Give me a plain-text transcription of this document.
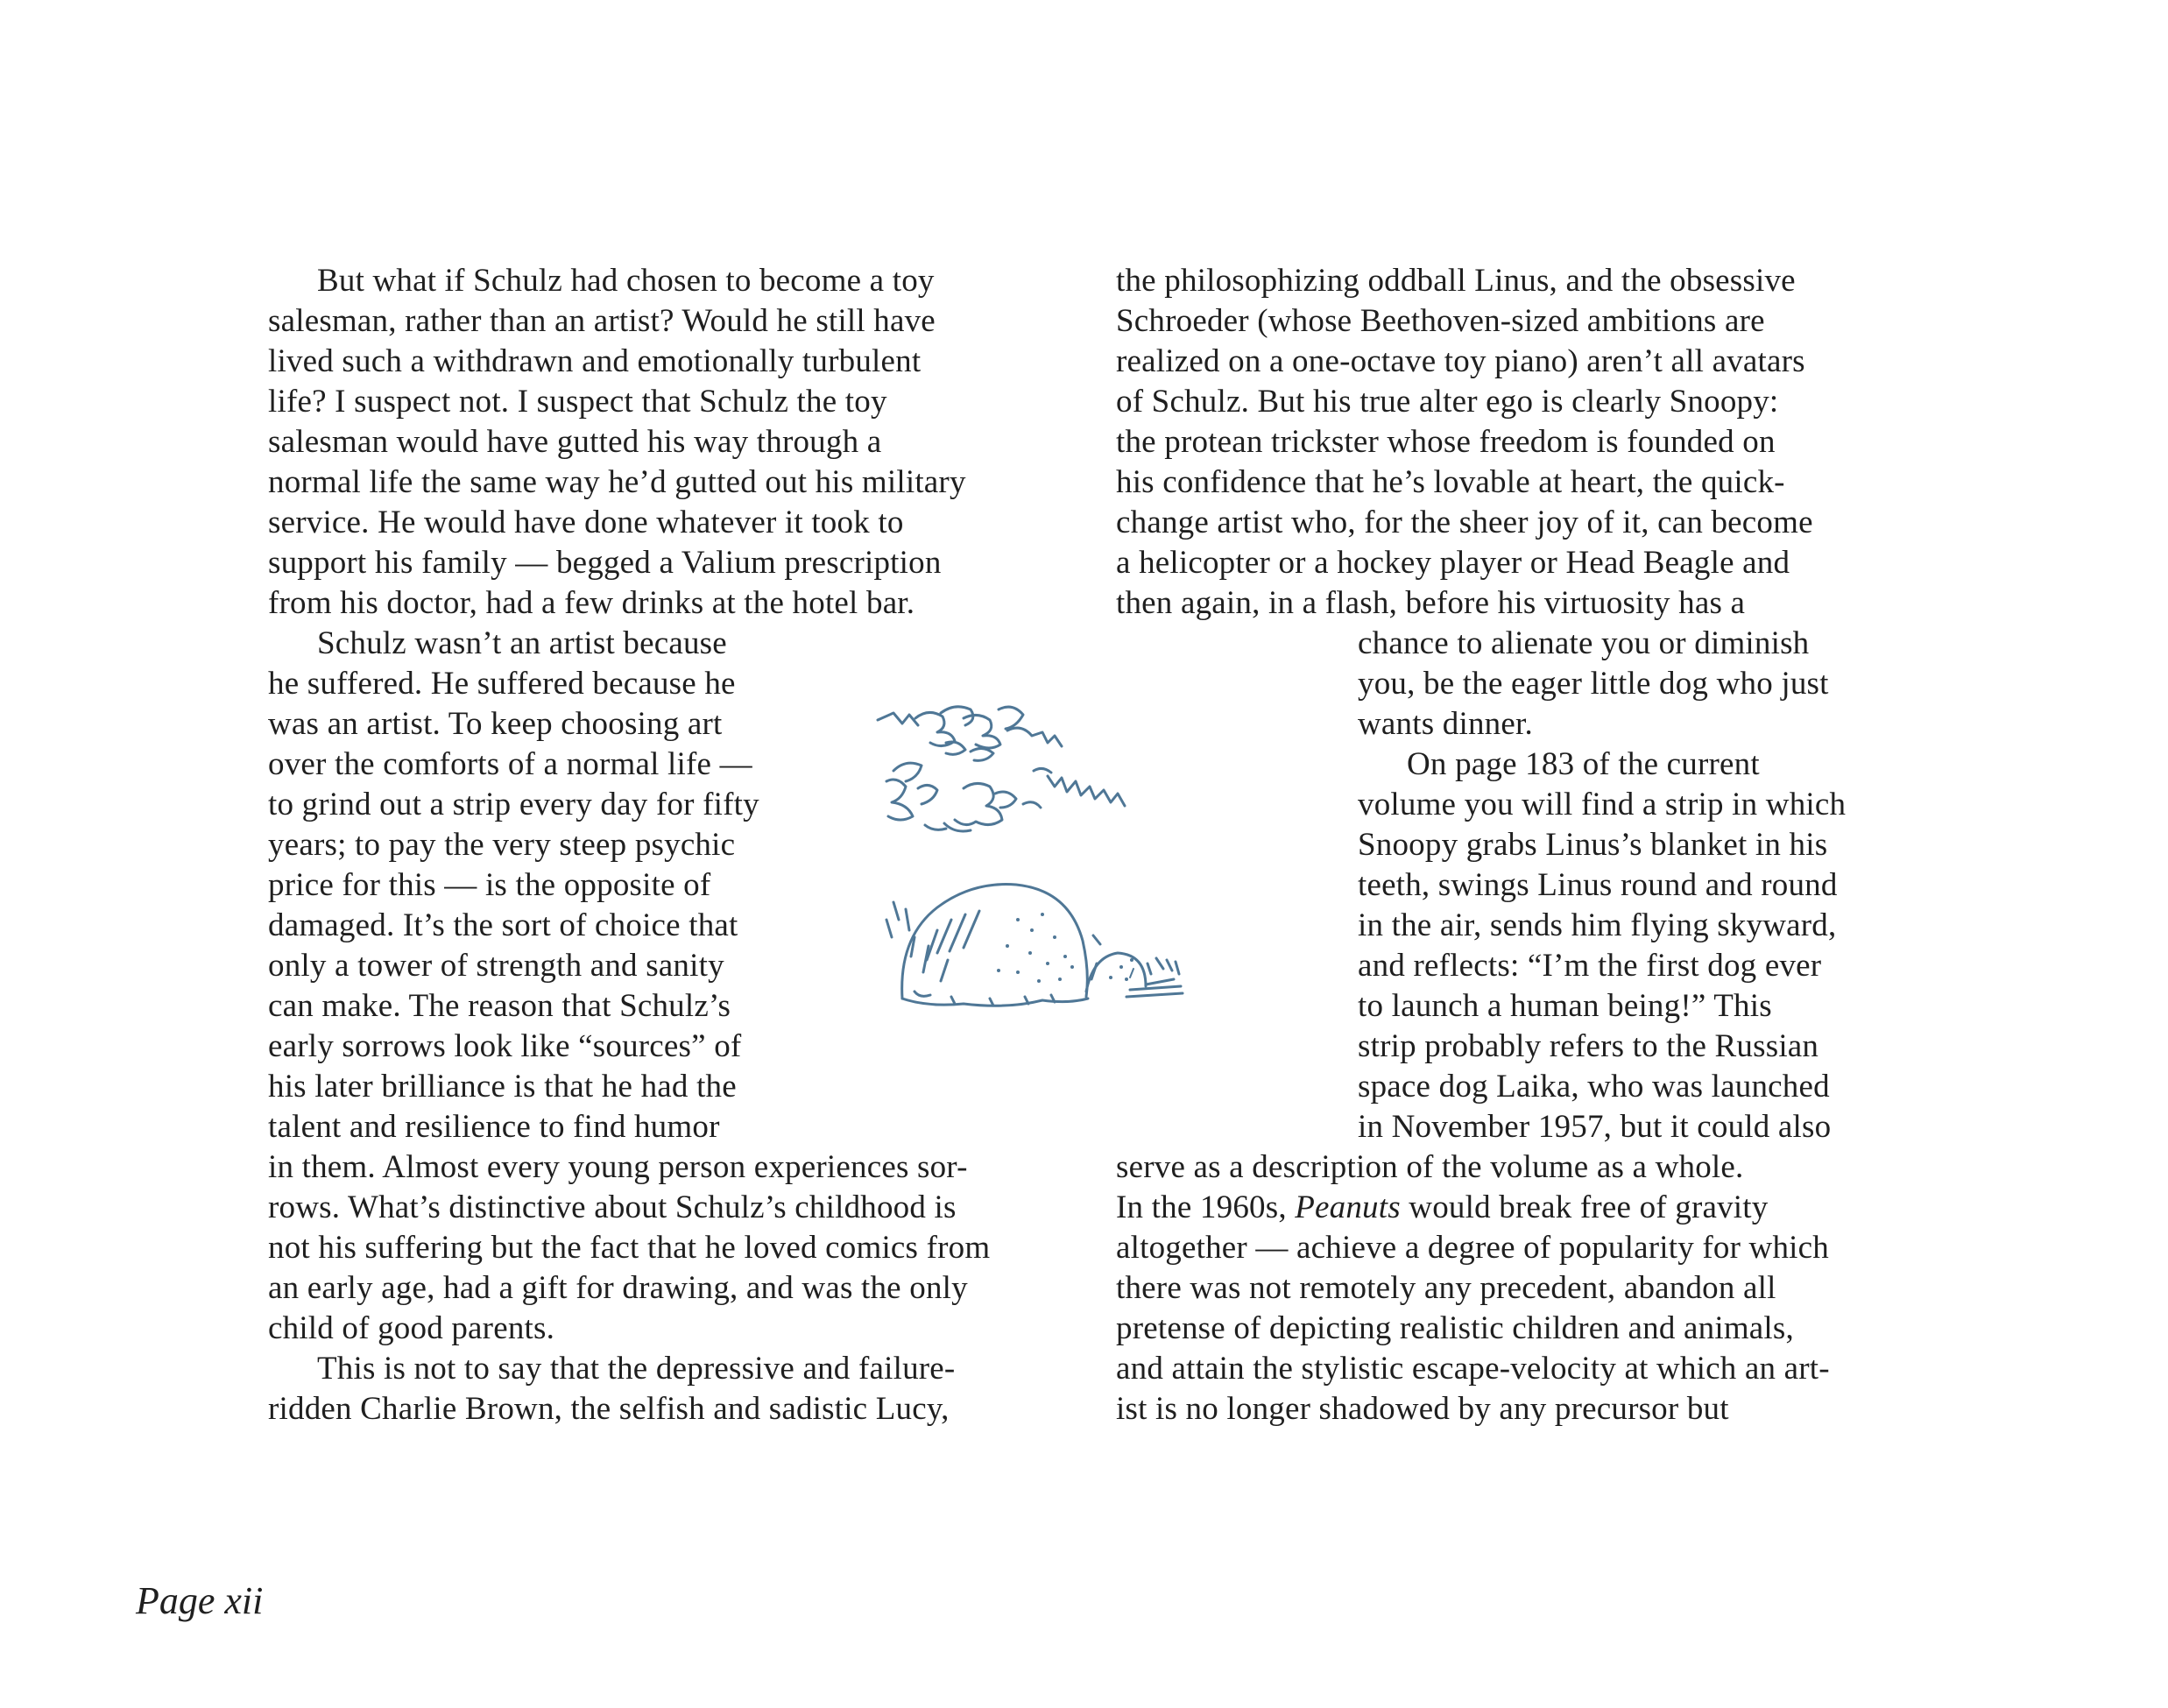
But what if Schulz had chosen to become a toy
salesman, rather than an artist? Would he still have
lived such a withdrawn and emotionally turbulent
life? I suspect not. I suspect that Schulz the toy
salesman would have gutted his way through a
normal life the same way he’d gutted out his military
service. He would have done whatever it took to
support his family — begged a Valium prescription
from his doctor, had a few drinks at the hotel bar.
Schulz wasn’t an artist because
he suffered. He suffered because he
was an artist. To keep choosing art
over the comforts of a normal life —
to grind out a strip every day for fifty
years; to pay the very steep psychic
price for this — is the opposite of
damaged. It’s the sort of choice that
only a tower of strength and sanity
can make. The reason that Schulz’s
early sorrows look like “sources” of
his later brilliance is that he had the
talent and resilience to find humor
in them. Almost every young person experiences sor-
rows. What’s distinctive about Schulz’s childhood is
not his suffering but the fact that he loved comics from
an early age, had a gift for drawing, and was the only
child of good parents.
This is not to say that the depressive and failure-
ridden Charlie Brown, the selfish and sadistic Lucy,
the philosophizing oddball Linus, and the obsessive
Schroeder (whose Beethoven-sized ambitions are
realized on a one-octave toy piano) aren’t all avatars
of Schulz. But his true alter ego is clearly Snoopy:
the protean trickster whose freedom is founded on
his confidence that he’s lovable at heart, the quick-
change artist who, for the sheer joy of it, can become
a helicopter or a hockey player or Head Beagle and
then again, in a flash, before his virtuosity has a
chance to alienate you or diminish
you, be the eager little dog who just
wants dinner.
On page 183 of the current
volume you will find a strip in which
Snoopy grabs Linus’s blanket in his
teeth, swings Linus round and round
in the air, sends him flying skyward,
and reflects: “I’m the first dog ever
to launch a human being!” This
strip probably refers to the Russian
space dog Laika, who was launched
in November 1957, but it could also
serve as a description of the volume as a whole.
In the 1960s, Peanuts would break free of gravity
altogether — achieve a degree of popularity for which
there was not remotely any precedent, abandon all
pretense of depicting realistic children and animals,
and attain the stylistic escape-velocity at which an art-
ist is no longer shadowed by any precursor but
Page xii
